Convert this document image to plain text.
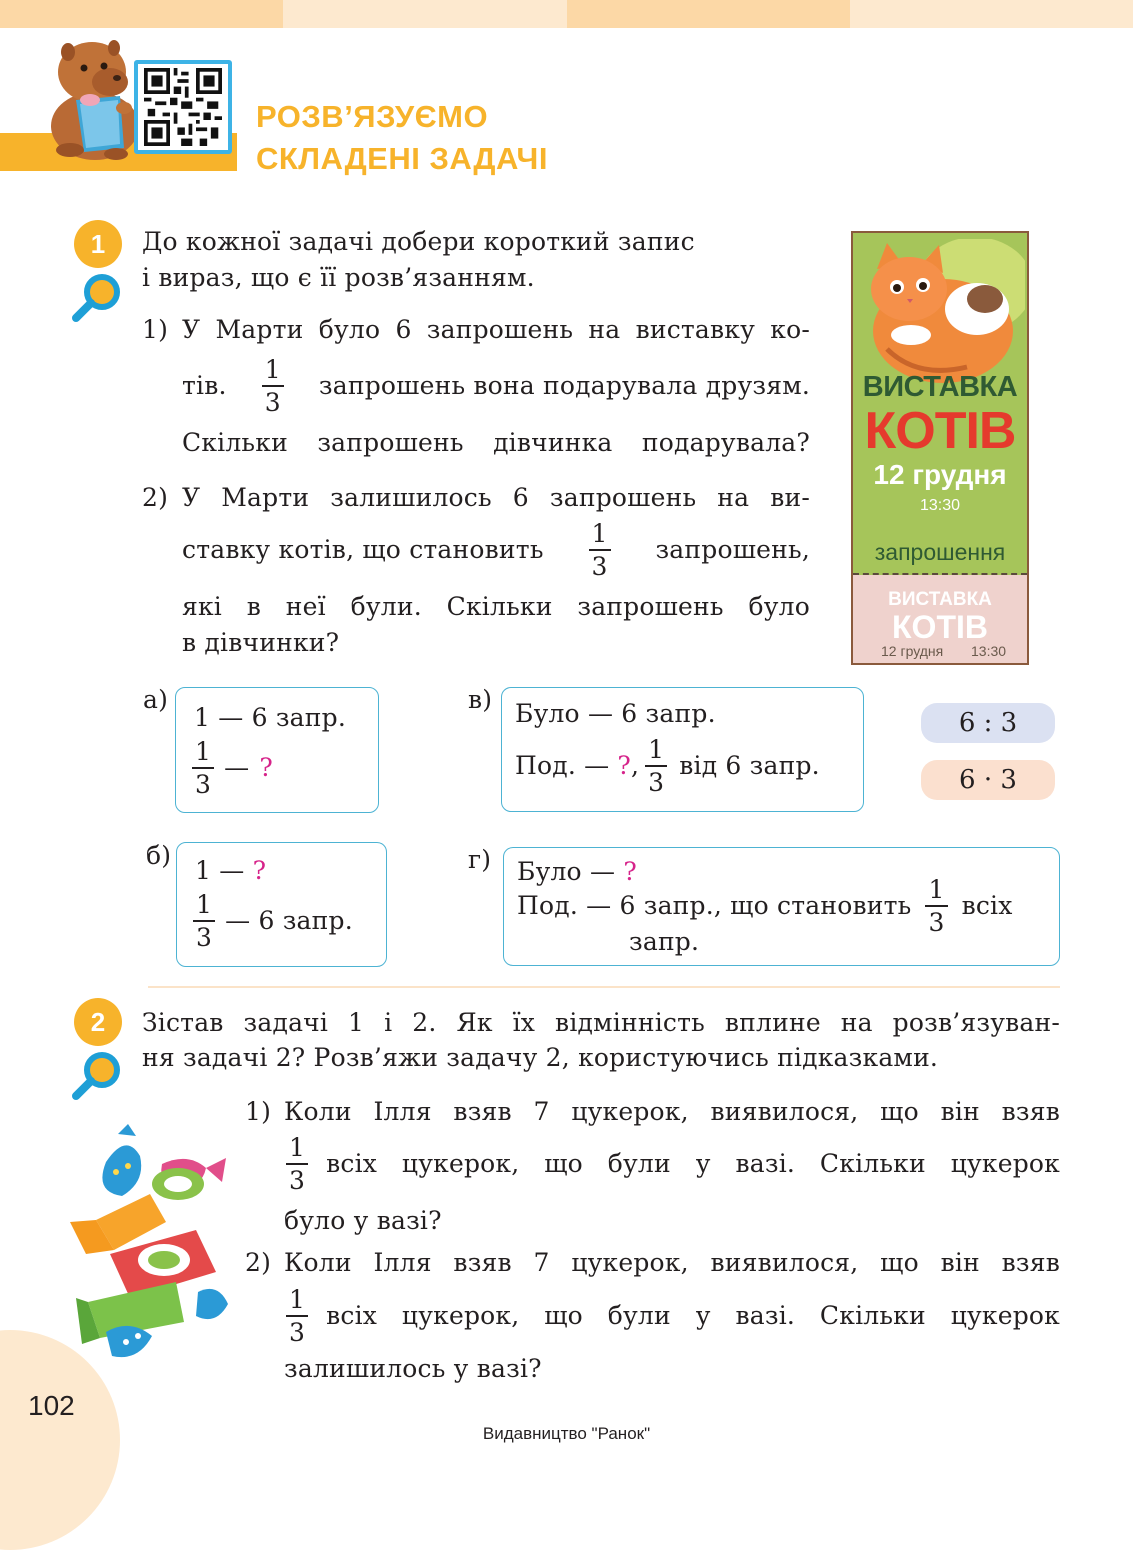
РОЗВ’ЯЗУЄМО
СКЛАДЕНІ ЗАДАЧІ
1	До кожної задачі добери короткий запис
і вираз, що є її розв’язанням.
1) У Марти було 6 запрошень на виставку ко-
тів. $\frac{1}{3}$ запрошень вона подарувала друзям.
Скільки запрошень дівчинка подарувала?
2) У Марти залишилось 6 запрошень на ви-
ставку котів, що становить $\frac{1}{3}$ запрошень,
які в неї були. Скільки запрошень було
в дівчинки?
ВИСТАВКА
КОТІВ
12 грудня
13:30
запрошення
ВИСТАВКА
КОТІВ
12 грудня 13:30
а)
1 — 6 запр.
$\frac{1}{3}$ — ?
б)
1 — ?
$\frac{1}{3}$ — 6 запр.
в) Було — 6 запр.
Под. — ? , $\frac{1}{3}$ від 6 запр.
г) Було — ?
Под. — 6 запр., що становить $\frac{1}{3}$ всіх
запр.
6 : 3
6 · 3
2	Зістав задачі 1 і 2. Як їх відмінність вплине на розв’язуван-
ня задачі 2? Розв’яжи задачу 2, користуючись підказками.
1) Коли Ілля взяв 7 цукерок, виявилося, що він взяв
$\frac{1}{3}$ всіх цукерок, що були у вазі. Скільки цукерок
було у вазі?
2) Коли Ілля взяв 7 цукерок, виявилося, що він взяв
$\frac{1}{3}$ всіх цукерок, що були у вазі. Скільки цукерок
залишилось у вазі?
102
Видавництво "Ранок"
